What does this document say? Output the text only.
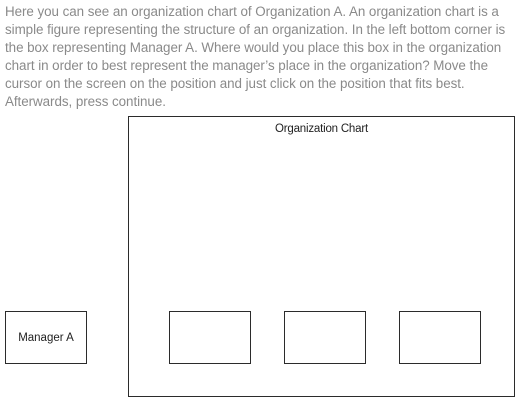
Here you can see an organization chart of Organization A. An organization chart is a simple figure representing the structure of an organization. In the left bottom corner is the box representing Manager A. Where would you place this box in the organization chart in order to best represent the manager’s place in the organization? Move the cursor on the screen on the position and just click on the position that fits best. Afterwards, press continue.

Organization Chart
Manager A
